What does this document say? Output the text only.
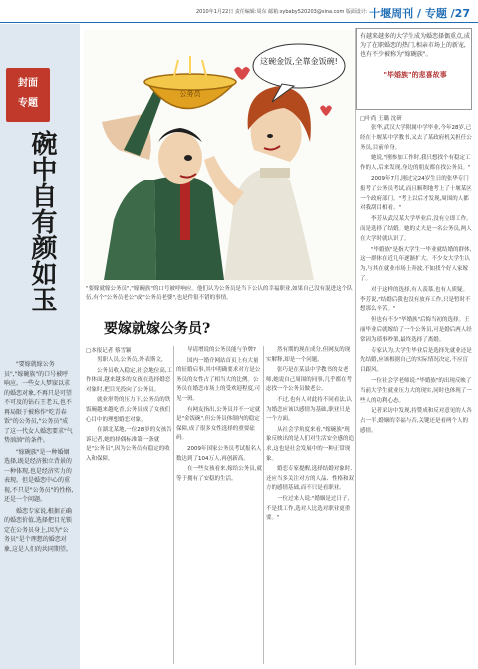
2010年1月22日 责任编辑:周东 邮箱:sybaby520203@sina.com 版面设计: 十堰周刊 / 专题 /27
封面
专题
碗中自有颜如玉

"要嫁就嫁公务员","嫁碗族"的口号被呼响应。一些女人梦寐以求的婚恋对象,不再只是可望不可及的钻石王老五,也不再局限于被称作"吃青春饭"的公务员,"公务员"成了这一代女人婚恋要求"气势汹汹"的条件。

"嫁碗族"是一种婚姻选择,既是经济独立背景的一种体现,也是经济实力的表现。但是婚恋中心的重视,不只是"公务员"的性格,还是一个问题。

婚恋专家说,根据正确的婚恋价值,选择把目光锁定在公务员身上,因为"公务员"是个理想的婚恋对象,这是人们的共同期望。

公务员
这碗金饭,全靠金饭碗!
"要嫁就嫁公务员","嫁碗族"的口号被呼响应。他们认为公务员是当下公认的幸福职业,如果自己没有混进这个队伍,有个"公务员老公"或"公务员老婆",也是件很不错的事情。
要嫁就嫁公务员?
□本报记者 蔡雪颖

男职人员,公务员,外表斯文,

公务员收入稳定,社会地位高,工作体面,越来越多的女孩在选择婚恋对象时,把目光投向了公务员。

就业形势的压力下,公务员的铁饭碗越来越吃香,公务员成了女孩们心目中的理想婚恋对象。

在湖北某地,一位28岁的女孩告诉记者,她的择偶标准第一条就是"公务员",因为公务员有稳定的收入和保障。

导请增说的公务员能与争牌?

国内一婚介网站首页上有大量的征婚启事,其中明确要求对方是公务员的女性占了相当大的比例。公务员在婚恋市场上的受欢迎程度,可见一斑。

有网友指出,公务员并不一定就是"金饭碗",但公务员体制内的稳定保障,成了很多女性选择的重要砝码。

2009年国家公务员考试报名人数达到了104万人,再创新高。

在一些女孩看来,嫁给公务员,就等于拥有了安稳的生活。

然有期的现在成分,但网友的现实解释,却是一个问题。

张巧是在某县中学教书的女老师,她说自己周围的同事,几乎都在考虑找一个公务员做老公。

不过,也有人对此持不同看法,认为婚恋应该以感情为基础,职业只是一个方面。

从社会学角度来看,"嫁碗族"现象反映出的是人们对生活安全感的追求,这也是社会发展中的一种正常现象。

婚恋专家提醒,选择结婚对象时,还应当多关注对方的人品、性格和双方的感情基础,而不只是看职业。

一位过来人说:"婚姻是过日子,不是找工作,选对人比选对职业更重要。"

有越来越多的大学生成为婚恋择偶重点,成为了在职婚恋的热门,相亲市场上的新宠,也有不少被称为"嫁碗族"。
"毕婚族"的悲喜故事
□叶尚 王璐 沈研

张华,武汉大学附属中学毕业,今年28岁,已经在十堰某中学教书,又去了某政府机关担任公务员,目前单身。

她说,"刚参加工作时,我只想找个有稳定工作的人,后来发现,身边的朋友都在找公务员。"

2009年7月,刚过完24岁生日的张华专门报考了公务员考试,而且顺利地考上了十堰某区一个政府部门。"考上以后才发现,周围的人都对我刮目相看。"

李芳从武汉某大学毕业后,没有立即工作,而是选择了结婚。她的丈夫是一名公务员,两人在大学时就认识了。

"毕婚族"是指大学生一毕业就结婚的群体,这一群体在近几年逐渐扩大。不少女大学生认为,与其在就业市场上奔波,不如找个好人家嫁了。

对于这样的选择,有人羡慕,也有人质疑。李芳说,"结婚后我也没有放弃工作,只是暂时不想那么辛苦。"

但也有不少"毕婚族"后悔当初的选择。王丽毕业后就嫁给了一个公务员,可是婚后两人经常因为琐事吵架,最终选择了离婚。

专家认为,大学生毕业后是选择先就业还是先结婚,应该根据自己的实际情况决定,不应盲目跟风。

一位社会学老师说:"毕婚族"的出现反映了当前大学生就业压力大的现实,同时也体现了一些人的功利心态。

记者采访中发现,持赞成和反对意见的人各占一半,婚姻的幸福与否,关键还是看两个人的感情。
